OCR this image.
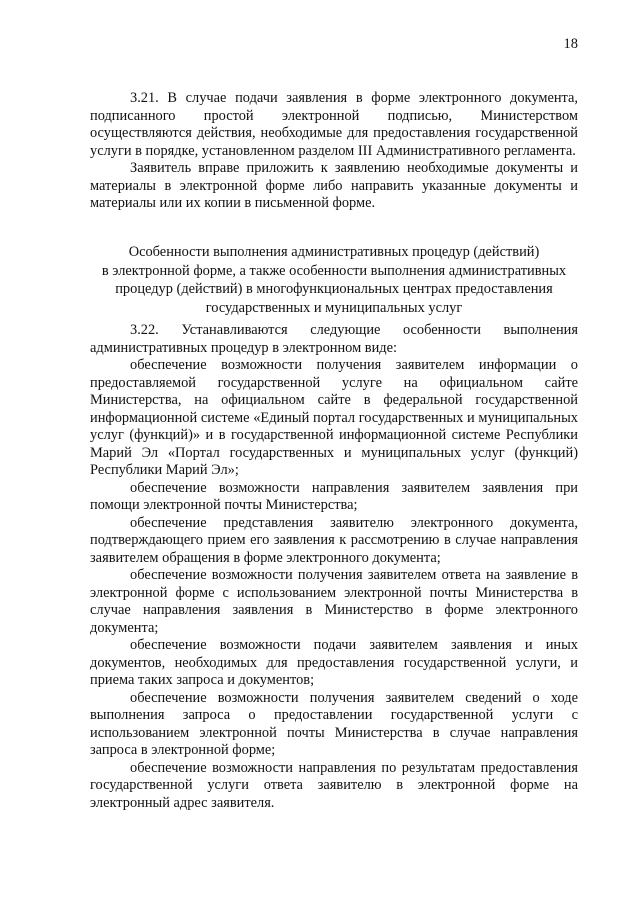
18

3.21. В случае подачи заявления в форме электронного документа, подписанного простой электронной подписью, Министерством осуществляются действия, необходимые для предоставления государственной услуги в порядке, установленном разделом III Административного регламента.

Заявитель вправе приложить к заявлению необходимые документы и материалы в электронной форме либо направить указанные документы и материалы или их копии в письменной форме.

Особенности выполнения административных процедур (действий)
в электронной форме, а также особенности выполнения административных
процедур (действий) в многофункциональных центрах предоставления
государственных и муниципальных услуг

3.22. Устанавливаются следующие особенности выполнения административных процедур в электронном виде:

обеспечение возможности получения заявителем информации о предоставляемой государственной услуге на официальном сайте Министерства, на официальном сайте в федеральной государственной информационной системе «Единый портал государственных и муниципальных услуг (функций)» и в государственной информационной системе Республики Марий Эл «Портал государственных и муниципальных услуг (функций) Республики Марий Эл»;

обеспечение возможности направления заявителем заявления при помощи электронной почты Министерства;

обеспечение представления заявителю электронного документа, подтверждающего прием его заявления к рассмотрению в случае направления заявителем обращения в форме электронного документа;

обеспечение возможности получения заявителем ответа на заявление в электронной форме с использованием электронной почты Министерства в случае направления заявления в Министерство в форме электронного документа;

обеспечение возможности подачи заявителем заявления и иных документов, необходимых для предоставления государственной услуги, и приема таких запроса и документов;

обеспечение возможности получения заявителем сведений о ходе выполнения запроса о предоставлении государственной услуги с использованием электронной почты Министерства в случае направления запроса в электронной форме;

обеспечение возможности направления по результатам предоставления государственной услуги ответа заявителю в электронной форме на электронный адрес заявителя.
